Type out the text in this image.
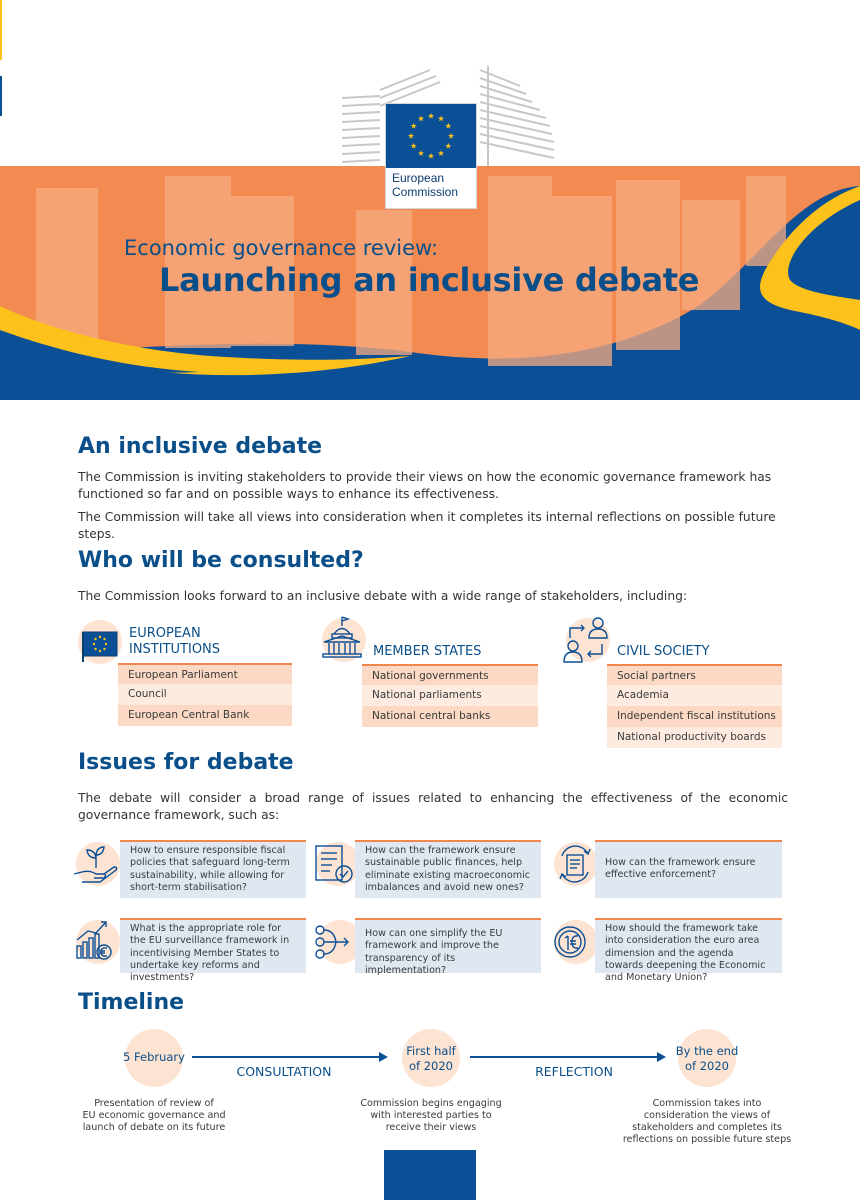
European
Commission
Economic governance review:
Launching an inclusive debate
An inclusive debate

The Commission is inviting stakeholders to provide their views on how the economic governance framework has functioned so far and on possible ways to enhance its effectiveness.

The Commission will take all views into consideration when it completes its internal reflections on possible future steps.

Who will be consulted?

The Commission looks forward to an inclusive debate with a wide range of stakeholders, including:

EUROPEAN
INSTITUTIONS
European Parliament
Council
European Central Bank
MEMBER STATES
National governments
National parliaments
National central banks
CIVIL SOCIETY
Social partners
Academia
Independent fiscal institutions
National productivity boards
Issues for debate

The debate will consider a broad range of issues related to enhancing the effectiveness of the economic governance framework, such as:

How to ensure responsible fiscal policies that safeguard long-term sustainability, while allowing for short-term stabilisation?
How can the framework ensure sustainable public finances, help eliminate existing macroeconomic imbalances and avoid new ones?
How can the framework ensure effective enforcement?
What is the appropriate role for the EU surveillance framework in incentivising Member States to undertake key reforms and investments?
How can one simplify the EU framework and improve the transparency of its implementation?
How should the framework take into consideration the euro area dimension and the agenda towards deepening the Economic and Monetary Union?
Timeline
5 February	First half
of 2020
By the end
of 2020
CONSULTATION	REFLECTION
Presentation of review of
EU economic governance and
launch of debate on its future
Commission begins engaging
with interested parties to
receive their views
Commission takes into
consideration the views of
stakeholders and completes its
reflections on possible future steps
